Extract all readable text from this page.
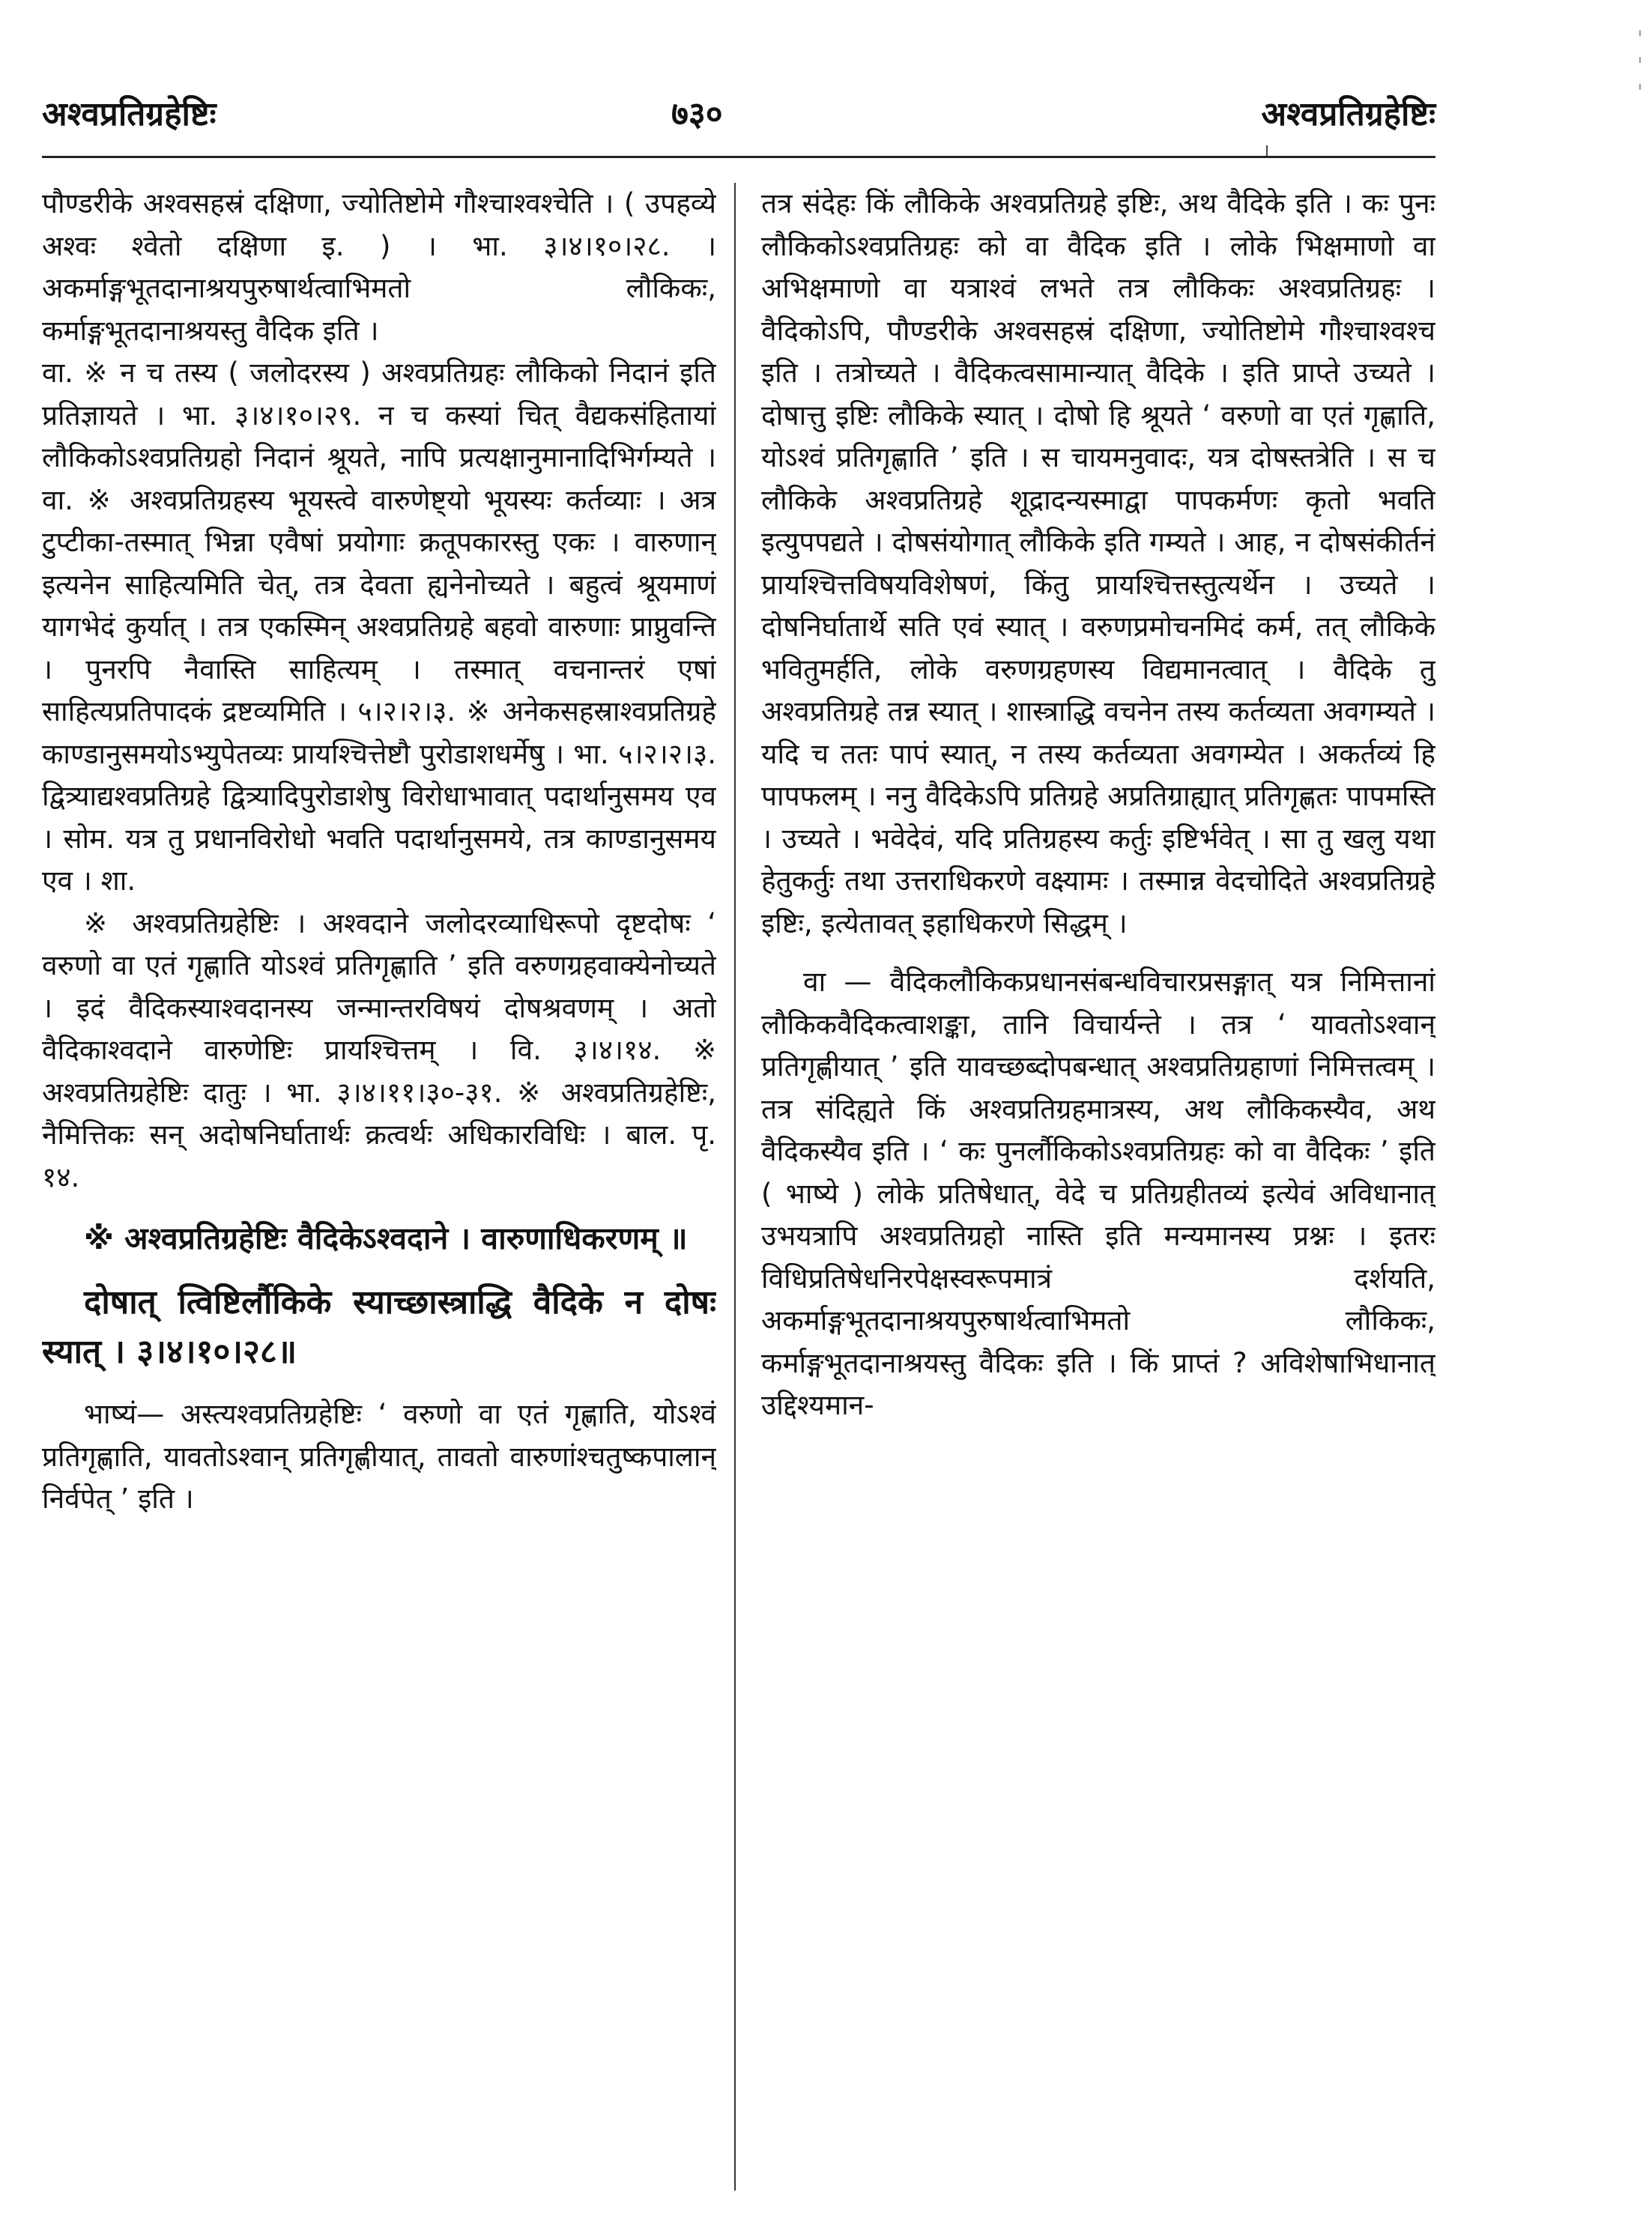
अश्वप्रतिग्रहेष्टिः	७३०	अश्वप्रतिग्रहेष्टिः

पौण्डरीके अश्वसहस्रं दक्षिणा, ज्योतिष्टोमे गौश्चाश्वश्चेति । ( उपहव्ये अश्वः श्वेतो दक्षिणा इ. ) । भा. ३।४।१०।२८. । अकर्माङ्गभूतदानाश्रयपुरुषार्थत्वाभिमतो लौकिकः, कर्माङ्गभूतदानाश्रयस्तु वैदिक इति ।

वा. ※ न च तस्य ( जलोदरस्य ) अश्वप्रतिग्रहः लौकिको निदानं इति प्रतिज्ञायते । भा. ३।४।१०।२९. न च कस्यां चित् वैद्यकसंहितायां लौकिकोऽश्वप्रतिग्रहो निदानं श्रूयते, नापि प्रत्यक्षानुमानादिभिर्गम्यते । वा. ※ अश्वप्रतिग्रहस्य भूयस्त्वे वारुणेष्ट्यो भूयस्यः कर्तव्याः । अत्र टुप्टीका-तस्मात् भिन्ना एवैषां प्रयोगाः क्रतूपकारस्तु एकः । वारुणान् इत्यनेन साहित्यमिति चेत्, तत्र देवता ह्यनेनोच्यते । बहुत्वं श्रूयमाणं यागभेदं कुर्यात् । तत्र एकस्मिन् अश्वप्रतिग्रहे बहवो वारुणाः प्राप्नुवन्ति । पुनरपि नैवास्ति साहित्यम् । तस्मात् वचनान्तरं एषां साहित्यप्रतिपादकं द्रष्टव्यमिति । ५।२।२।३. ※ अनेकसहस्राश्वप्रतिग्रहे काण्डानुसमयोऽभ्युपेतव्यः प्रायश्चित्तेष्टौ पुरोडाशधर्मेषु । भा. ५।२।२।३. द्वित्र्याद्यश्वप्रतिग्रहे द्वित्र्यादिपुरोडाशेषु विरोधाभावात् पदार्थानुसमय एव । सोम. यत्र तु प्रधानविरोधो भवति पदार्थानुसमये, तत्र काण्डानुसमय एव । शा.

※ अश्वप्रतिग्रहेष्टिः । अश्वदाने जलोदरव्याधिरूपो दृष्टदोषः ‘ वरुणो वा एतं गृह्णाति योऽश्वं प्रतिगृह्णाति ’ इति वरुणग्रहवाक्येनोच्यते । इदं वैदिकस्याश्वदानस्य जन्मान्तरविषयं दोषश्रवणम् । अतो वैदिकाश्वदाने वारुणेष्टिः प्रायश्चित्तम् । वि. ३।४।१४. ※ अश्वप्रतिग्रहेष्टिः दातुः । भा. ३।४।११।३०-३१. ※ अश्वप्रतिग्रहेष्टिः, नैमित्तिकः सन् अदोषनिर्घातार्थः क्रत्वर्थः अधिकारविधिः । बाल. पृ. १४.

※ अश्वप्रतिग्रहेष्टिः वैदिकेऽश्वदाने । वारुणाधिकरणम् ॥

दोषात् त्विष्टिर्लौकिके स्याच्छास्त्राद्धि वैदिके न दोषः स्यात् । ३।४।१०।२८॥

भाष्यं— अस्त्यश्वप्रतिग्रहेष्टिः ‘ वरुणो वा एतं गृह्णाति, योऽश्वं प्रतिगृह्णाति, यावतोऽश्वान् प्रतिगृह्णीयात्, तावतो वारुणांश्चतुष्कपालान् निर्वपेत् ’ इति ।

तत्र संदेहः किं लौकिके अश्वप्रतिग्रहे इष्टिः, अथ वैदिके इति । कः पुनः लौकिकोऽश्वप्रतिग्रहः को वा वैदिक इति । लोके भिक्षमाणो वा अभिक्षमाणो वा यत्राश्वं लभते तत्र लौकिकः अश्वप्रतिग्रहः । वैदिकोऽपि, पौण्डरीके अश्वसहस्रं दक्षिणा, ज्योतिष्टोमे गौश्चाश्वश्च इति । तत्रोच्यते । वैदिकत्वसामान्यात् वैदिके । इति प्राप्ते उच्यते । दोषात्तु इष्टिः लौकिके स्यात् । दोषो हि श्रूयते ‘ वरुणो वा एतं गृह्णाति, योऽश्वं प्रतिगृह्णाति ’ इति । स चायमनुवादः, यत्र दोषस्तत्रेति । स च लौकिके अश्वप्रतिग्रहे शूद्रादन्यस्माद्वा पापकर्मणः कृतो भवति इत्युपपद्यते । दोषसंयोगात् लौकिके इति गम्यते । आह, न दोषसंकीर्तनं प्रायश्चित्तविषयविशेषणं, किंतु प्रायश्चित्तस्तुत्यर्थेन । उच्यते । दोषनिर्घातार्थे सति एवं स्यात् । वरुणप्रमोचनमिदं कर्म, तत् लौकिके भवितुमर्हति, लोके वरुणग्रहणस्य विद्यमानत्वात् । वैदिके तु अश्वप्रतिग्रहे तन्न स्यात् । शास्त्राद्धि वचनेन तस्य कर्तव्यता अवगम्यते । यदि च ततः पापं स्यात्, न तस्य कर्तव्यता अवगम्येत । अकर्तव्यं हि पापफलम् । ननु वैदिकेऽपि प्रतिग्रहे अप्रतिग्राह्यात् प्रतिगृह्णतः पापमस्ति । उच्यते । भवेदेवं, यदि प्रतिग्रहस्य कर्तुः इष्टिर्भवेत् । सा तु खलु यथा हेतुकर्तुः तथा उत्तराधिकरणे वक्ष्यामः । तस्मान्न वेदचोदिते अश्वप्रतिग्रहे इष्टिः, इत्येतावत् इहाधिकरणे सिद्धम् ।

वा — वैदिकलौकिकप्रधानसंबन्धविचारप्रसङ्गात् यत्र निमित्तानां लौकिकवैदिकत्वाशङ्का, तानि विचार्यन्ते । तत्र ‘ यावतोऽश्वान् प्रतिगृह्णीयात् ’ इति यावच्छब्दोपबन्धात् अश्वप्रतिग्रहाणां निमित्तत्वम् । तत्र संदिह्यते किं अश्वप्रतिग्रहमात्रस्य, अथ लौकिकस्यैव, अथ वैदिकस्यैव इति । ‘ कः पुनर्लौकिकोऽश्वप्रतिग्रहः को वा वैदिकः ’ इति ( भाष्ये ) लोके प्रतिषेधात्, वेदे च प्रतिग्रहीतव्यं इत्येवं अविधानात् उभयत्रापि अश्वप्रतिग्रहो नास्ति इति मन्यमानस्य प्रश्नः । इतरः विधिप्रतिषेधनिरपेक्षस्वरूपमात्रं दर्शयति, अकर्माङ्गभूतदानाश्रयपुरुषार्थत्वाभिमतो लौकिकः, कर्माङ्गभूतदानाश्रयस्तु वैदिकः इति । किं प्राप्तं ? अविशेषाभिधानात् उद्दिश्यमान-
